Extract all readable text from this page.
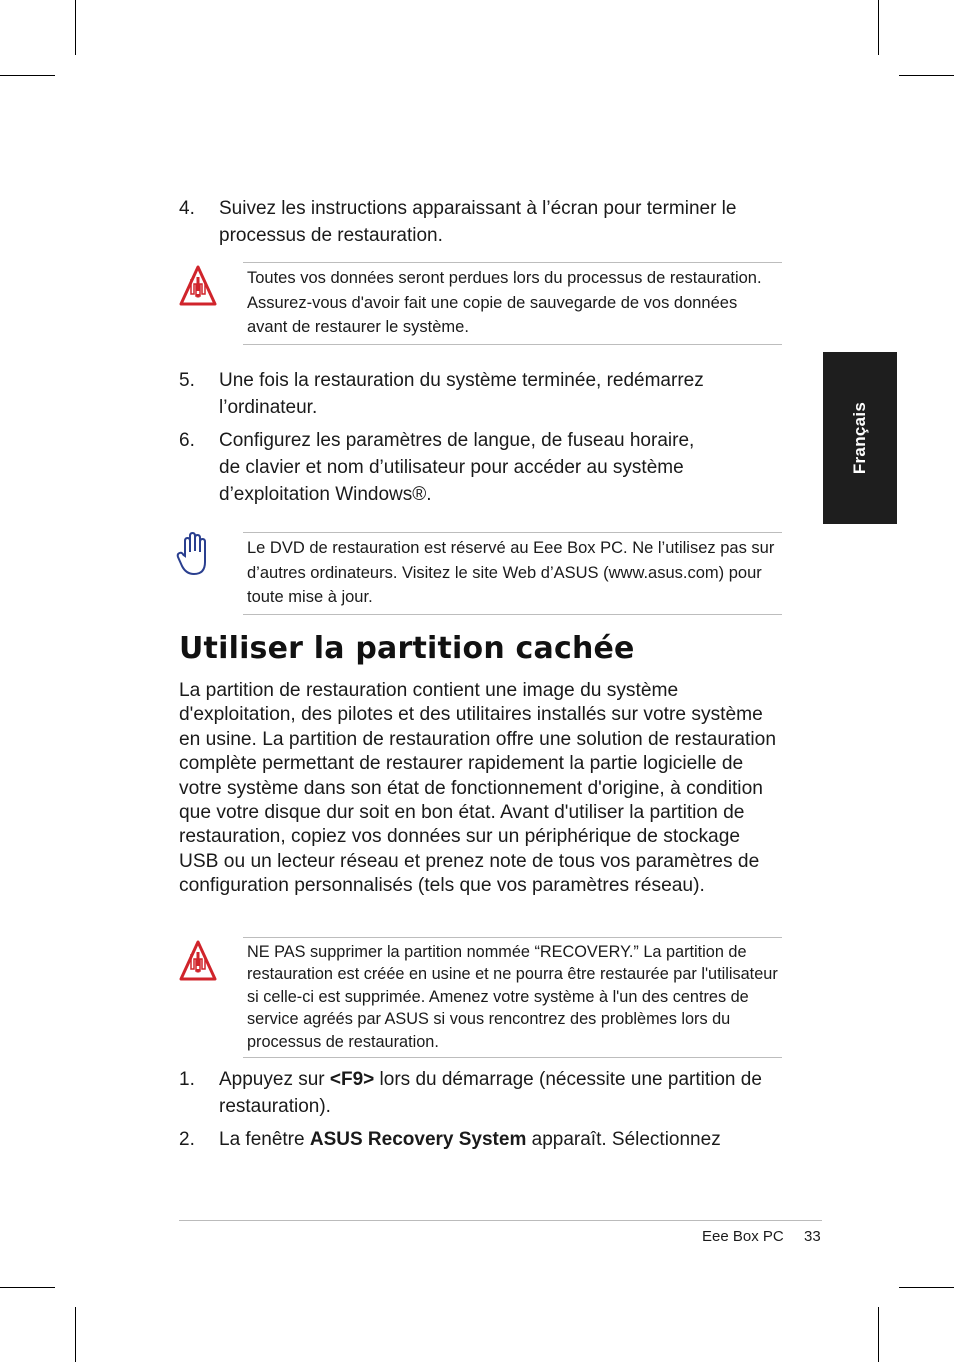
Français
4. Suivez les instructions apparaissant à l’écran pour terminer le processus de restauration.
Toutes vos données seront perdues lors du processus de restauration. Assurez-vous d'avoir fait une copie de sauvegarde de vos données avant de restaurer le système.
5. Une fois la restauration du système terminée, redémarrez l’ordinateur.
6. Configurez les paramètres de langue, de fuseau horaire, de clavier et nom d’utilisateur pour accéder au système d’exploitation Windows®.
Le DVD de restauration est réservé au Eee Box PC. Ne l’utilisez pas sur d’autres ordinateurs. Visitez le site Web d’ASUS (www.asus.com) pour toute mise à jour.
Utiliser la partition cachée
La partition de restauration contient une image du système d'exploitation, des pilotes et des utilitaires installés sur votre système en usine. La partition de restauration offre une solution de restauration complète permettant de restaurer rapidement la partie logicielle de votre système dans son état de fonctionnement d'origine, à condition que votre disque dur soit en bon état. Avant d'utiliser la partition de restauration, copiez vos données sur un périphérique de stockage USB ou un lecteur réseau et prenez note de tous vos paramètres de configuration personnalisés (tels que vos paramètres réseau).
NE PAS supprimer la partition nommée “RECOVERY.” La partition de restauration est créée en usine et ne pourra être restaurée par l'utilisateur si celle-ci est supprimée. Amenez votre système à l'un des centres de service agréés par ASUS si vous rencontrez des problèmes lors du processus de restauration.
1. Appuyez sur <F9> lors du démarrage (nécessite une partition de restauration).
2. La fenêtre ASUS Recovery System apparaît. Sélectionnez
Eee Box PC 33
